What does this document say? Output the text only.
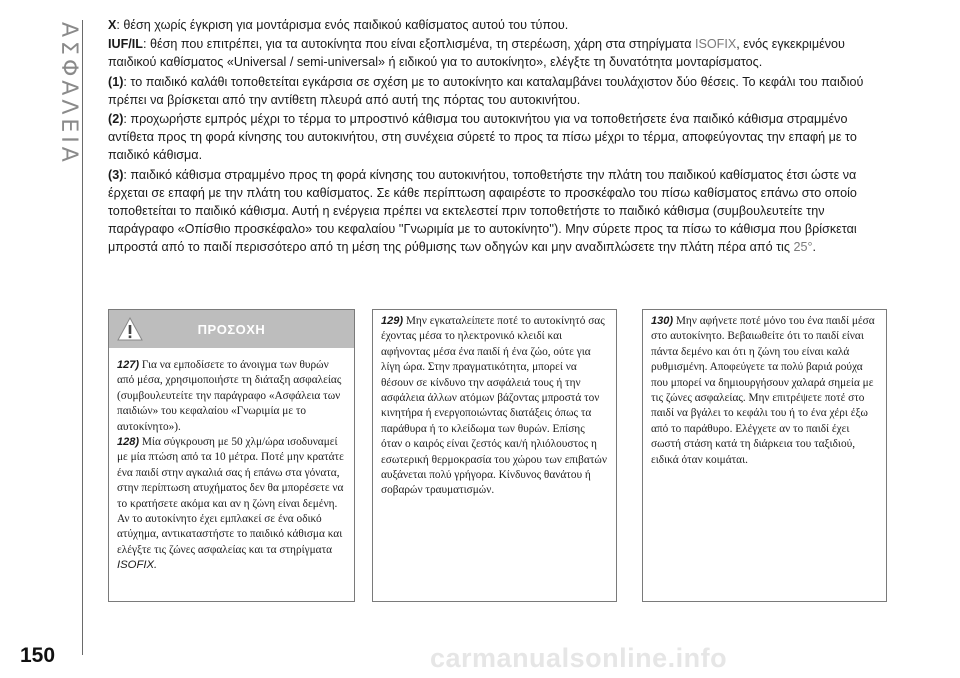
ΑΣΦΑΛΕΙΑ X: θέση χωρίς έγκριση για μοντάρισμα ενός παιδικού καθίσματος αυτού του τύπου.

IUF/IL: θέση που επιτρέπει, για τα αυτοκίνητα που είναι εξοπλισμένα, τη στερέωση, χάρη στα στηρίγματα ISOFIX, ενός εγκεκριμένου παιδικού καθίσματος «Universal / semi-universal» ή ειδικού για το αυτοκίνητο», ελέγξτε τη δυνατότητα μονταρίσματος.

(1): το παιδικό καλάθι τοποθετείται εγκάρσια σε σχέση με το αυτοκίνητο και καταλαμβάνει τουλάχιστον δύο θέσεις. Το κεφάλι του παιδιού πρέπει να βρίσκεται από την αντίθετη πλευρά από αυτή της πόρτας του αυτοκινήτου.

(2): προχωρήστε εμπρός μέχρι το τέρμα το μπροστινό κάθισμα του αυτοκινήτου για να τοποθετήσετε ένα παιδικό κάθισμα στραμμένο αντίθετα προς τη φορά κίνησης του αυτοκινήτου, στη συνέχεια σύρετέ το προς τα πίσω μέχρι το τέρμα, αποφεύγοντας την επαφή με το παιδικό κάθισμα.

(3): παιδικό κάθισμα στραμμένο προς τη φορά κίνησης του αυτοκινήτου, τοποθετήστε την πλάτη του παιδικού καθίσματος έτσι ώστε να έρχεται σε επαφή με την πλάτη του καθίσματος. Σε κάθε περίπτωση αφαιρέστε το προσκέφαλο του πίσω καθίσματος επάνω στο οποίο τοποθετείται το παιδικό κάθισμα. Αυτή η ενέργεια πρέπει να εκτελεστεί πριν τοποθετήστε το παιδικό κάθισμα (συμβουλευτείτε την παράγραφο «Οπίσθιο προσκέφαλο» του κεφαλαίου ''Γνωριμία με το αυτοκίνητο''). Μην σύρετε προς τα πίσω το κάθισμα που βρίσκεται μπροστά από το παιδί περισσότερο από τη μέση της ρύθμισης των οδηγών και μην αναδιπλώσετε την πλάτη πέρα από τις 25°.

ΠΡΟΣΟΧΗ
127) Για να εμποδίσετε το άνοιγμα των θυρών από μέσα, χρησιμοποιήστε τη διάταξη ασφαλείας (συμβουλευτείτε την παράγραφο «Ασφάλεια των παιδιών» του κεφαλαίου «Γνωριμία με το αυτοκίνητο»).
128) Μία σύγκρουση με 50 χλμ/ώρα ισοδυναμεί με μία πτώση από τα 10 μέτρα. Ποτέ μην κρατάτε ένα παιδί στην αγκαλιά σας ή επάνω στα γόνατα, στην περίπτωση ατυχήματος δεν θα μπορέσετε να το κρατήσετε ακόμα και αν η ζώνη είναι δεμένη. Αν το αυτοκίνητο έχει εμπλακεί σε ένα οδικό ατύχημα, αντικαταστήστε το παιδικό κάθισμα και ελέγξτε τις ζώνες ασφαλείας και τα στηρίγματα ISOFIX.
129) Μην εγκαταλείπετε ποτέ το αυτοκίνητό σας έχοντας μέσα το ηλεκτρονικό κλειδί και αφήνοντας μέσα ένα παιδί ή ένα ζώο, ούτε για λίγη ώρα. Στην πραγματικότητα, μπορεί να θέσουν σε κίνδυνο την ασφάλειά τους ή την ασφάλεια άλλων ατόμων βάζοντας μπροστά τον κινητήρα ή ενεργοποιώντας διατάξεις όπως τα παράθυρα ή το κλείδωμα των θυρών. Επίσης όταν ο καιρός είναι ζεστός και/ή ηλιόλουστος η εσωτερική θερμοκρασία του χώρου των επιβατών αυξάνεται πολύ γρήγορα. Κίνδυνος θανάτου ή σοβαρών τραυματισμών.
130) Μην αφήνετε ποτέ μόνο του ένα παιδί μέσα στο αυτοκίνητο. Βεβαιωθείτε ότι το παιδί είναι πάντα δεμένο και ότι η ζώνη του είναι καλά ρυθμισμένη. Αποφεύγετε τα πολύ βαριά ρούχα που μπορεί να δημιουργήσουν χαλαρά σημεία με τις ζώνες ασφαλείας. Μην επιτρέψετε ποτέ στο παιδί να βγάλει το κεφάλι του ή το ένα χέρι έξω από το παράθυρο. Ελέγχετε αν το παιδί έχει σωστή στάση κατά τη διάρκεια του ταξιδιού, ειδικά όταν κοιμάται.
150	carmanualsonline.info
